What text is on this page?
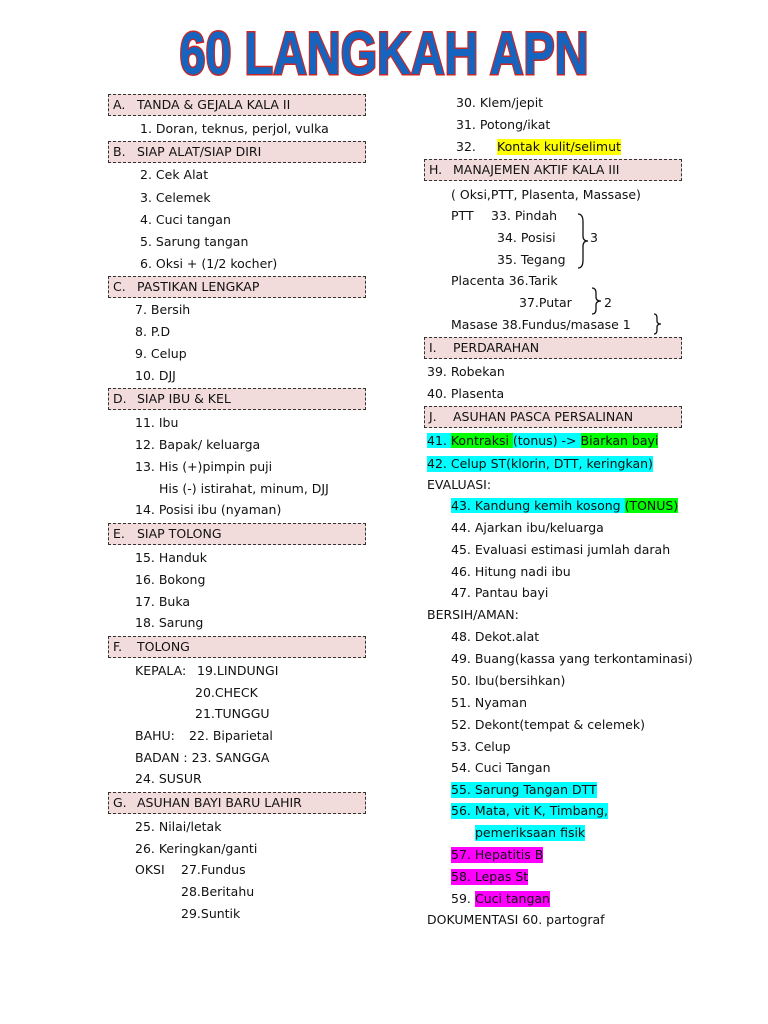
60 LANGKAH APN
A. TANDA & GEJALA KALA II
1. Doran, teknus, perjol, vulka
B. SIAP ALAT/SIAP DIRI
2. Cek Alat
3. Celemek
4. Cuci tangan
5. Sarung tangan
6. Oksi + (1/2 kocher)
C. PASTIKAN LENGKAP
7. Bersih
8. P.D
9. Celup
10. DJJ
D. SIAP IBU & KEL
11. Ibu
12. Bapak/ keluarga
13. His (+)pimpin puji
His (-) istirahat, minum, DJJ
14. Posisi ibu (nyaman)
E. SIAP TOLONG
15. Handuk
16. Bokong
17. Buka
18. Sarung
F. TOLONG
KEPALA: 19.LINDUNGI
20.CHECK
21.TUNGGU
BAHU: 22. Biparietal
BADAN : 23. SANGGA
24. SUSUR
G. ASUHAN BAYI BARU LAHIR
25. Nilai/letak
26. Keringkan/ganti
OKSI 27.Fundus
28.Beritahu
29.Suntik
30. Klem/jepit
31. Potong/ikat
32. Kontak kulit/selimut
H. MANAJEMEN AKTIF KALA III
( Oksi,PTT, Plasenta, Massase)
PTT 33. Pindah
34. Posisi
35. Tegang
3
Placenta 36.Tarik
37.Putar	2
Masase 38.Fundus/masase 1
I. PERDARAHAN
39. Robekan
40. Plasenta
J. ASUHAN PASCA PERSALINAN
41. Kontraksi (tonus) -> Biarkan bayi
42. Celup ST(klorin, DTT, keringkan)
EVALUASI:
43. Kandung kemih kosong (TONUS)
44. Ajarkan ibu/keluarga
45. Evaluasi estimasi jumlah darah
46. Hitung nadi ibu
47. Pantau bayi
BERSIH/AMAN:
48. Dekot.alat
49. Buang(kassa yang terkontaminasi)
50. Ibu(bersihkan)
51. Nyaman
52. Dekont(tempat & celemek)
53. Celup
54. Cuci Tangan
55. Sarung Tangan DTT
56. Mata, vit K, Timbang,
pemeriksaan fisik
57. Hepatitis B
58. Lepas St
59. Cuci tangan
DOKUMENTASI 60. partograf
